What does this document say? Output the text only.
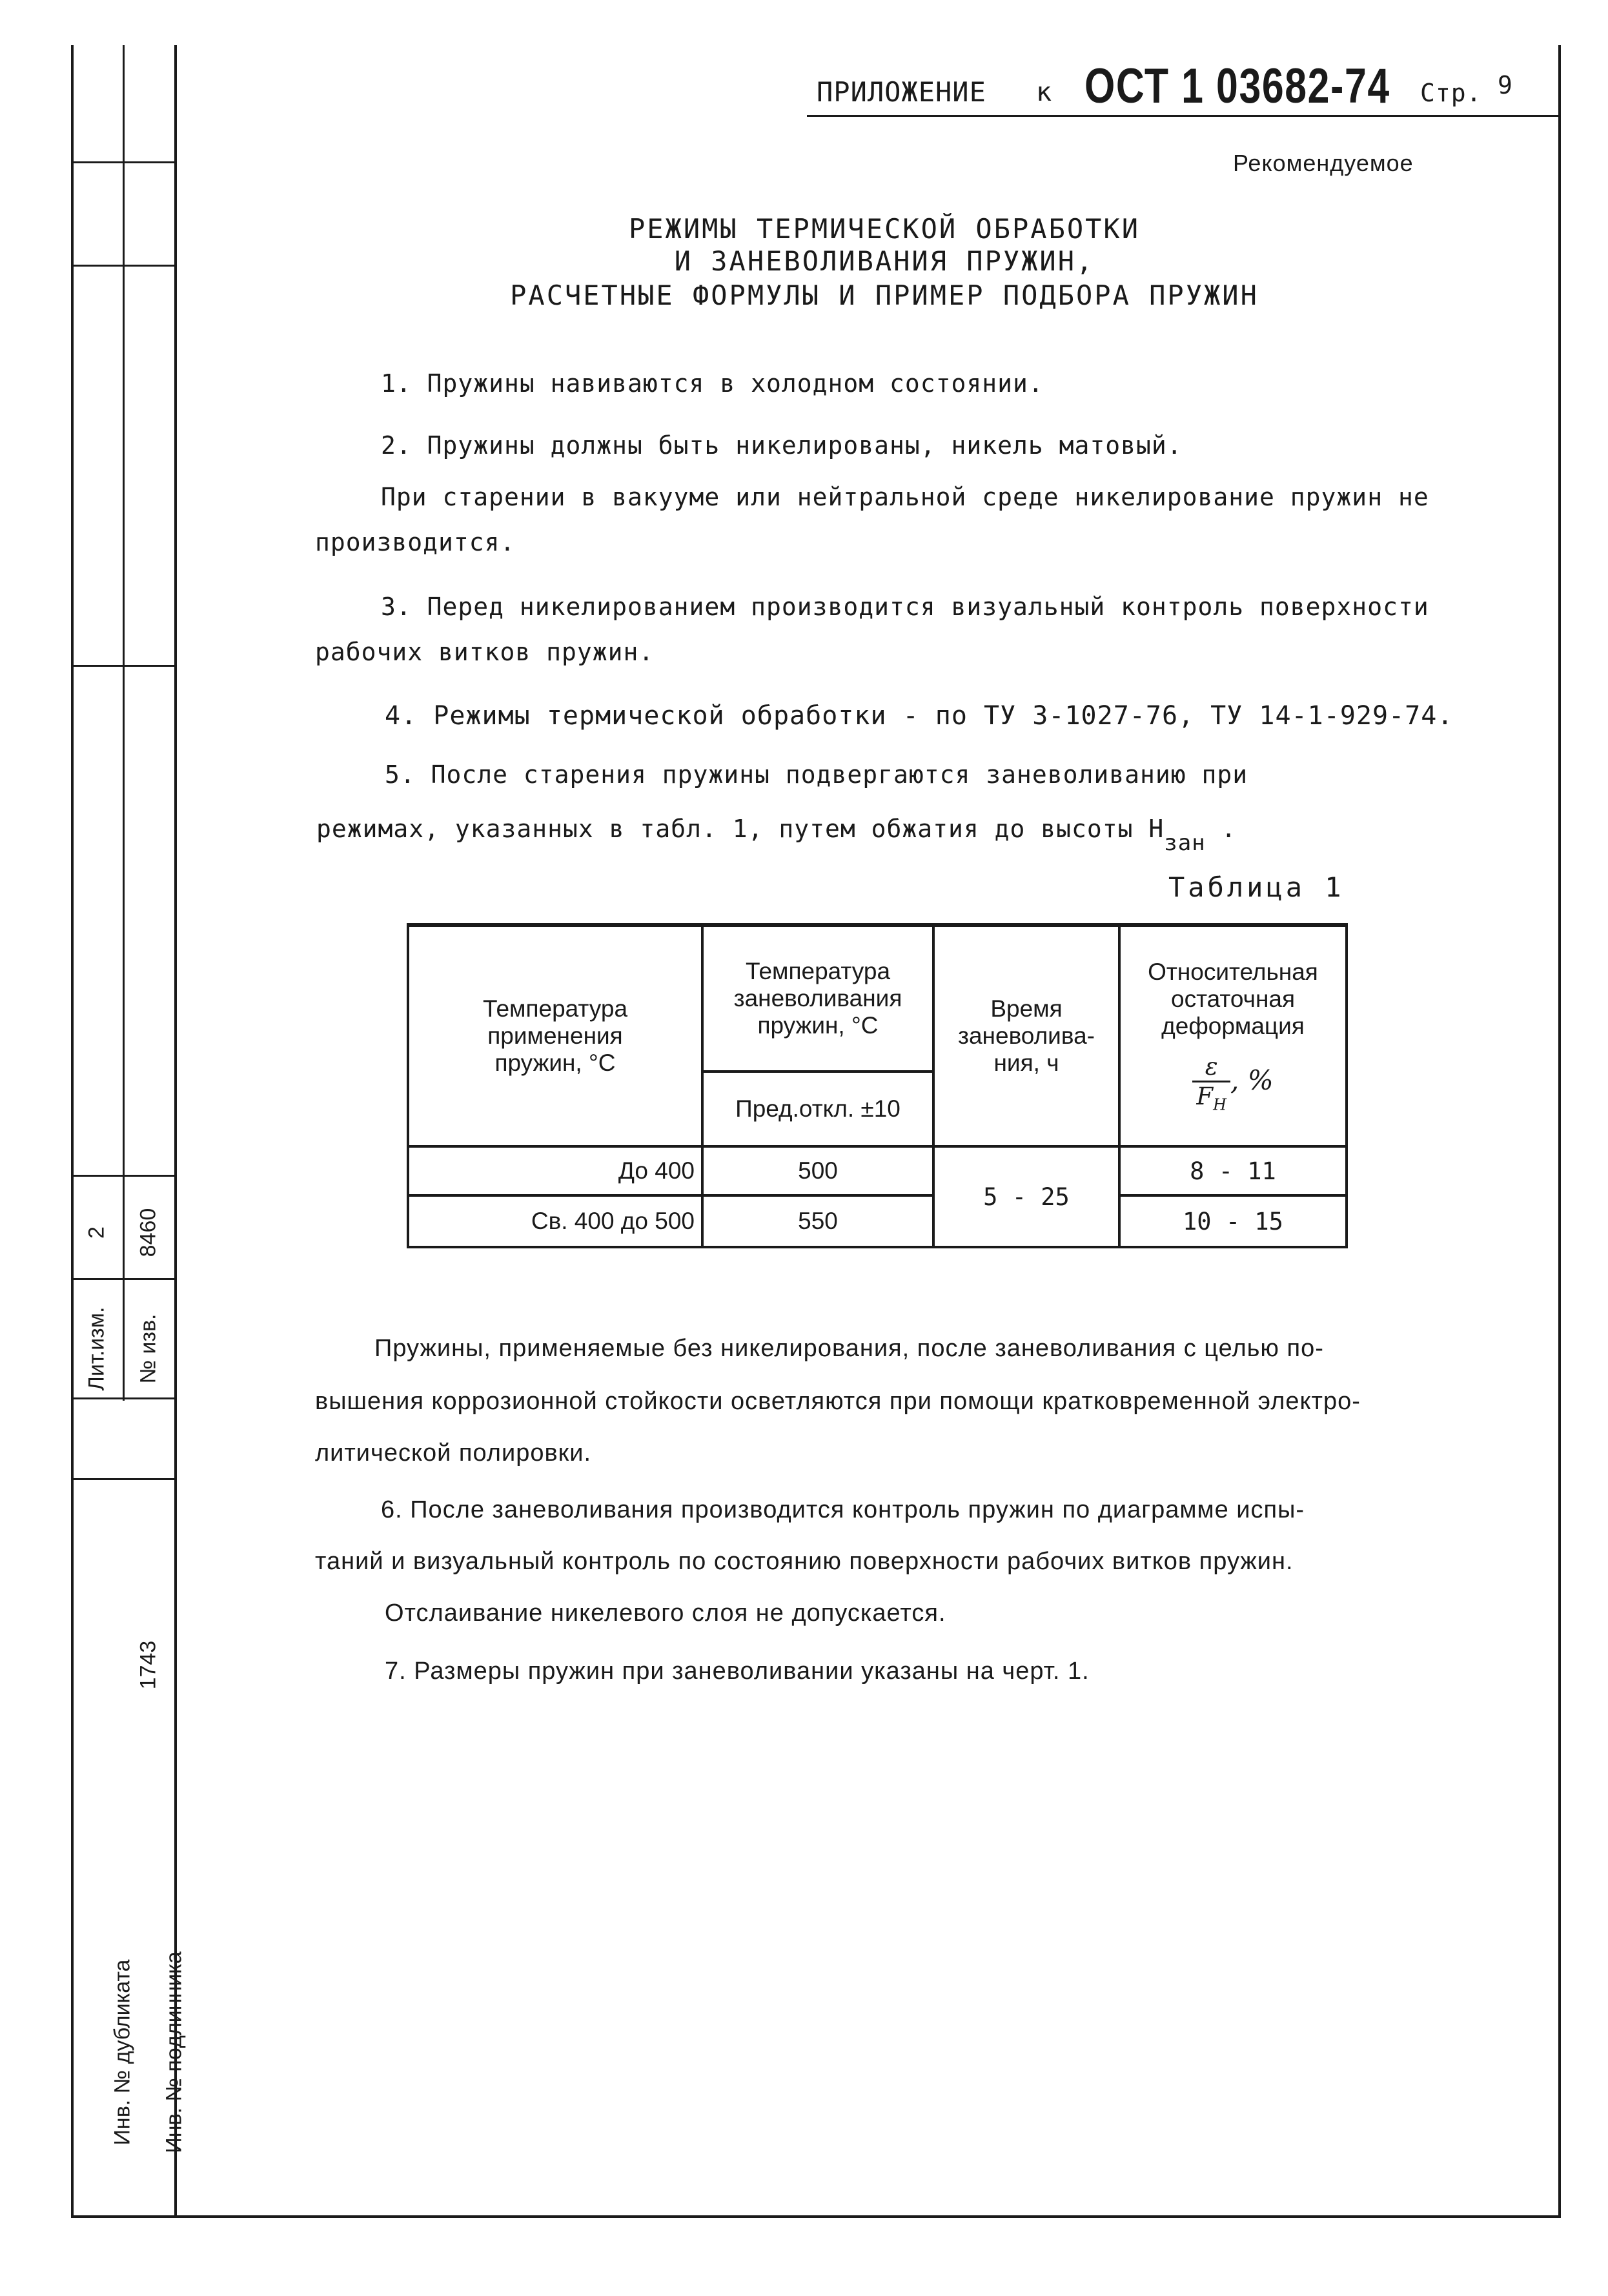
Лит.изм.
2
№ изв.
8460
1743
Инв. № дубликата Инв. № подлинника
ПРИЛОЖЕНИЕ к ОСТ 1 03682-74 Стр. 9
Рекомендуемое
РЕЖИМЫ ТЕРМИЧЕСКОЙ ОБРАБОТКИ
И ЗАНЕВОЛИВАНИЯ ПРУЖИН,
РАСЧЕТНЫЕ ФОРМУЛЫ И ПРИМЕР ПОДБОРА ПРУЖИН
1. Пружины навиваются в холодном состоянии.
2. Пружины должны быть никелированы, никель матовый.
При старении в вакууме или нейтральной среде никелирование пружин не
производится.
3. Перед никелированием производится визуальный контроль поверхности
рабочих витков пружин.
4. Режимы термической обработки - по ТУ 3-1027-76, ТУ 14-1-929-74.
5. После старения пружины подвергаются заневоливанию при
режимах, указанных в табл. 1, путем обжатия до высоты Hзан .
Таблица 1
Температура применения пружин, °С	Температура заневоливания пружин, °С	Время заневолива-ния, ч	Относительная остаточная деформация
$\frac{\varepsilon}{F_H}$ , %

	Пред.откл. ±10		
До 400	500	5 - 25	8 - 11
Св. 400 до 500	550		10 - 15
Пружины, применяемые без никелирования, после заневоливания с целью по-
вышения коррозионной стойкости осветляются при помощи кратковременной электро-
литической полировки.
6. После заневоливания производится контроль пружин по диаграмме испы-
таний и визуальный контроль по состоянию поверхности рабочих витков пружин.
Отслаивание никелевого слоя не допускается.
7. Размеры пружин при заневоливании указаны на черт. 1.
